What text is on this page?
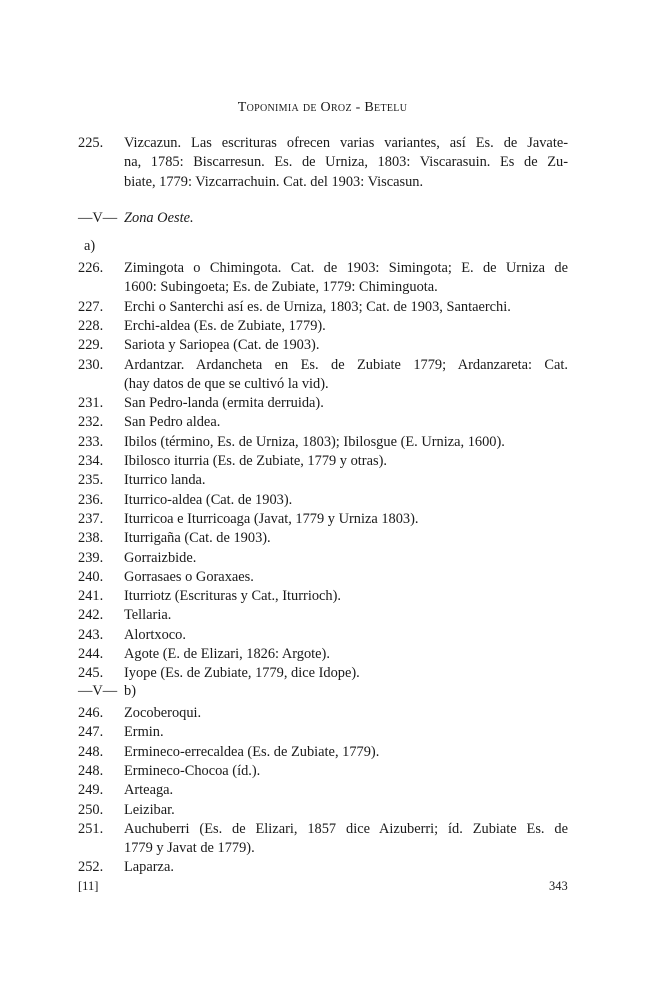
Toponimia de Oroz - Betelu
225.	Vizcazun. Las escrituras ofrecen varias variantes, así Es. de Javate-
na, 1785: Biscarresun. Es. de Urniza, 1803: Viscarasuin. Es de Zu-
biate, 1779: Vizcarrachuin. Cat. del 1903: Viscasun.
—V— Zona Oeste.
a)
226.	Zimingota o Chimingota. Cat. de 1903: Simingota; E. de Urniza de
1600: Subingoeta; Es. de Zubiate, 1779: Chiminguota.
227.	Erchi o Santerchi así es. de Urniza, 1803; Cat. de 1903, Santaerchi.
228.	Erchi-aldea (Es. de Zubiate, 1779).
229.	Sariota y Sariopea (Cat. de 1903).
230.	Ardantzar. Ardancheta en Es. de Zubiate 1779; Ardanzareta: Cat.
(hay datos de que se cultivó la vid).
231.	San Pedro-landa (ermita derruida).
232.	San Pedro aldea.
233.	Ibilos (término, Es. de Urniza, 1803); Ibilosgue (E. Urniza, 1600).
234.	Ibilosco iturria (Es. de Zubiate, 1779 y otras).
235.	Iturrico landa.
236.	Iturrico-aldea (Cat. de 1903).
237.	Iturricoa e Iturricoaga (Javat, 1779 y Urniza 1803).
238.	Iturrigaña (Cat. de 1903).
239.	Gorraizbide.
240.	Gorrasaes o Goraxaes.
241.	Iturriotz (Escrituras y Cat., Iturrioch).
242.	Tellaria.
243.	Alortxoco.
244.	Agote (E. de Elizari, 1826: Argote).
245.	Iyope (Es. de Zubiate, 1779, dice Idope).
—V— b)
246.	Zocoberoqui.
247.	Ermin.
248.	Ermineco-errecaldea (Es. de Zubiate, 1779).
248.	Ermineco-Chocoa (íd.).
249.	Arteaga.
250.	Leizibar.
251.	Auchuberri (Es. de Elizari, 1857 dice Aizuberri; íd. Zubiate Es. de
1779 y Javat de 1779).
252.	Laparza.
[11]	343
